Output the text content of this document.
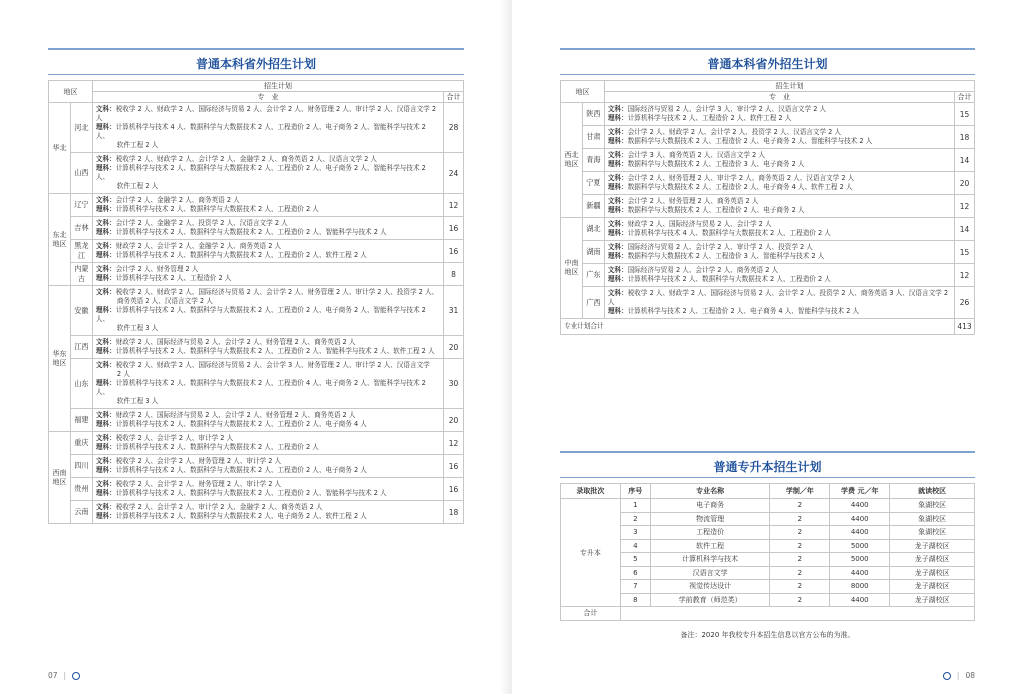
普通本科省外招生计划
地区		招生计划	
		专　业	合计
华北	河北	文科：税收学 2 人、财政学 2 人、国际经济与贸易 2 人、会计学 2 人、财务管理 2 人、审计学 2 人、汉语言文学 2 人
理科：计算机科学与技术 4 人、数据科学与大数据技术 2 人、工程造价 2 人、电子商务 2 人、智能科学与技术 2 人、
软件工程 2 人	28
	山西	文科：税收学 2 人、财政学 2 人、会计学 2 人、金融学 2 人、商务英语 2 人、汉语言文学 2 人
理科：计算机科学与技术 2 人、数据科学与大数据技术 2 人、工程造价 2 人、电子商务 2 人、智能科学与技术 2 人、
软件工程 2 人	24
东北地区	辽宁	文科：会计学 2 人、金融学 2 人、商务英语 2 人
理科：计算机科学与技术 2 人、数据科学与大数据技术 2 人、工程造价 2 人	12
	吉林	文科：会计学 2 人、金融学 2 人、投资学 2 人、汉语言文学 2 人
理科：计算机科学与技术 2 人、数据科学与大数据技术 2 人、工程造价 2 人、智能科学与技术 2 人	16
	黑龙江	文科：财政学 2 人、会计学 2 人、金融学 2 人、商务英语 2 人
理科：计算机科学与技术 2 人、数据科学与大数据技术 2 人、工程造价 2 人、软件工程 2 人	16
	内蒙古	文科：会计学 2 人、财务管理 2 人
理科：计算机科学与技术 2 人、工程造价 2 人	8
华东地区	安徽	文科：税收学 2 人、财政学 2 人、国际经济与贸易 2 人、会计学 2 人、财务管理 2 人、审计学 2 人、投资学 2 人、
商务英语 2 人、汉语言文学 2 人
理科：计算机科学与技术 2 人、数据科学与大数据技术 2 人、工程造价 2 人、电子商务 2 人、智能科学与技术 2 人、
软件工程 3 人	31
	江西	文科：财政学 2 人、国际经济与贸易 2 人、会计学 2 人、财务管理 2 人、商务英语 2 人
理科：计算机科学与技术 2 人、数据科学与大数据技术 2 人、工程造价 2 人、智能科学与技术 2 人、软件工程 2 人	20
	山东	文科：税收学 2 人、财政学 2 人、国际经济与贸易 2 人、会计学 3 人、财务管理 2 人、审计学 2 人、汉语言文学
2 人
理科：计算机科学与技术 2 人、数据科学与大数据技术 2 人、工程造价 4 人、电子商务 2 人、智能科学与技术 2 人、
软件工程 3 人	30
	福建	文科：财政学 2 人、国际经济与贸易 2 人、会计学 2 人、财务管理 2 人、商务英语 2 人
理科：计算机科学与技术 2 人、数据科学与大数据技术 2 人、工程造价 2 人、电子商务 4 人	20
西南地区	重庆	文科：税收学 2 人、会计学 2 人、审计学 2 人
理科：计算机科学与技术 2 人、数据科学与大数据技术 2 人、工程造价 2 人	12
	四川	文科：税收学 2 人、会计学 2 人、财务管理 2 人、审计学 2 人
理科：计算机科学与技术 2 人、数据科学与大数据技术 2 人、工程造价 2 人、电子商务 2 人	16
	贵州	文科：税收学 2 人、会计学 2 人、财务管理 2 人、审计学 2 人
理科：计算机科学与技术 2 人、数据科学与大数据技术 2 人、工程造价 2 人、智能科学与技术 2 人	16
	云南	文科：税收学 2 人、会计学 2 人、审计学 2 人、金融学 2 人、商务英语 2 人
理科：计算机科学与技术 2 人、数据科学与大数据技术 2 人、电子商务 2 人、软件工程 2 人	18
07 |
普通本科省外招生计划
地区		招生计划	
		专　业	合计
西北地区	陕西	文科：国际经济与贸易 2 人、会计学 3 人、审计学 2 人、汉语言文学 2 人
理科：计算机科学与技术 2 人、工程造价 2 人、软件工程 2 人	15
	甘肃	文科：会计学 2 人、财政学 2 人、会计学 2 人、投资学 2 人、汉语言文学 2 人
理科：数据科学与大数据技术 2 人、工程造价 2 人、电子商务 2 人、智能科学与技术 2 人	18
	青海	文科：会计学 3 人、商务英语 2 人、汉语言文学 2 人
理科：数据科学与大数据技术 2 人、工程造价 3 人、电子商务 2 人	14
	宁夏	文科：会计学 2 人、财务管理 2 人、审计学 2 人、商务英语 2 人、汉语言文学 2 人
理科：数据科学与大数据技术 2 人、工程造价 2 人、电子商务 4 人、软件工程 2 人	20
	新疆	文科：会计学 2 人、财务管理 2 人、商务英语 2 人
理科：数据科学与大数据技术 2 人、工程造价 2 人、电子商务 2 人	12
中南地区	湖北	文科：财政学 2 人、国际经济与贸易 2 人、会计学 2 人
理科：计算机科学与技术 4 人、数据科学与大数据技术 2 人、工程造价 2 人	14
	湖南	文科：国际经济与贸易 2 人、会计学 2 人、审计学 2 人、投资学 2 人
理科：数据科学与大数据技术 2 人、工程造价 3 人、智能科学与技术 2 人	15
	广东	文科：国际经济与贸易 2 人、会计学 2 人、商务英语 2 人
理科：计算机科学与技术 2 人、数据科学与大数据技术 2 人、工程造价 2 人	12
	广西	文科：税收学 2 人、财政学 2 人、国际经济与贸易 2 人、会计学 2 人、投资学 2 人、商务英语 3 人、汉语言文学 2 人
理科：计算机科学与技术 2 人、工程造价 2 人、电子商务 4 人、智能科学与技术 2 人	26
专业计划合计			413
普通专升本招生计划
录取批次	序号	专业名称	学制／年	学费 元／年	就读校区
专升本	1	电子商务	2	4400	象湖校区
	2	物流管理	2	4400	象湖校区
	3	工程造价	2	4400	象湖校区
	4	软件工程	2	5000	龙子湖校区
	5	计算机科学与技术	2	5000	龙子湖校区
	6	汉语言文学	2	4400	龙子湖校区
	7	视觉传达设计	2	8000	龙子湖校区
	8	学前教育（师范类）	2	4400	龙子湖校区
合计					
备注：2020 年我校专升本招生信息以官方公布的为准。
| 08
